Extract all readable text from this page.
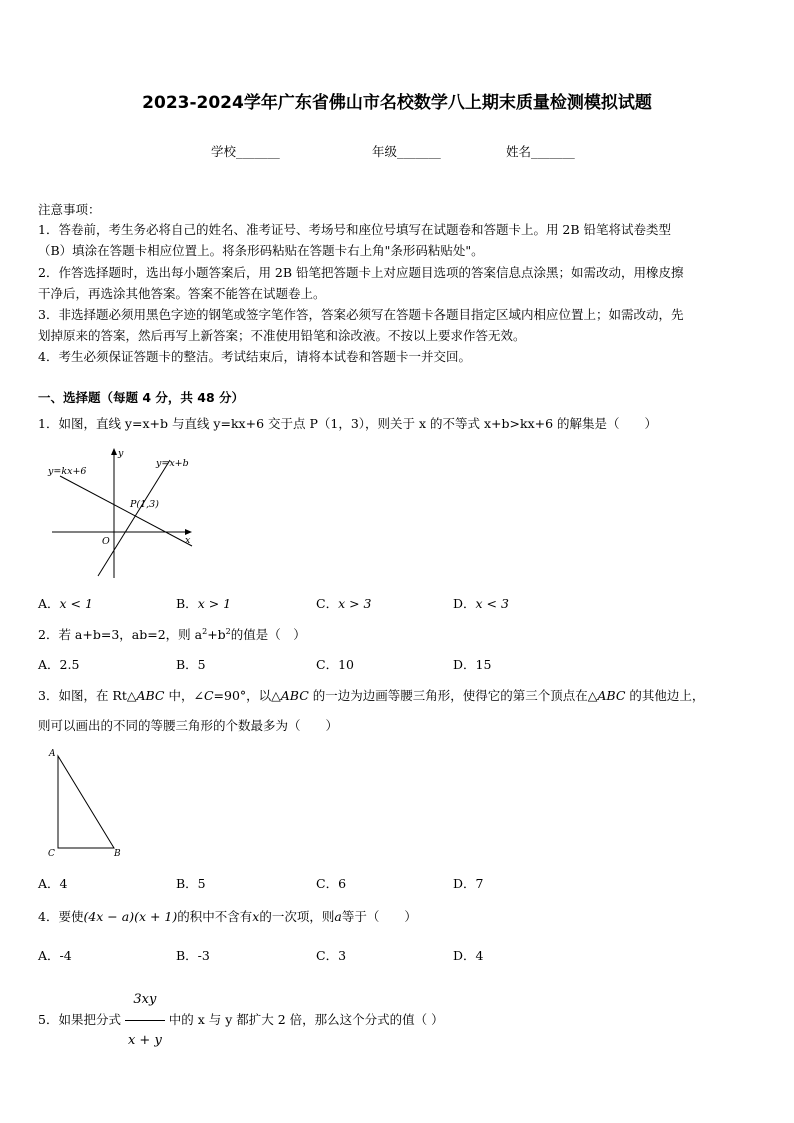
2023-2024学年广东省佛山市名校数学八上期末质量检测模拟试题
学校_______	年级_______	姓名_______
注意事项：
1．答卷前，考生务必将自己的姓名、准考证号、考场号和座位号填写在试题卷和答题卡上。用 2B 铅笔将试卷类型
（B）填涂在答题卡相应位置上。将条形码粘贴在答题卡右上角"条形码粘贴处"。
2．作答选择题时，选出每小题答案后，用 2B 铅笔把答题卡上对应题目选项的答案信息点涂黑；如需改动，用橡皮擦
干净后，再选涂其他答案。答案不能答在试题卷上。
3．非选择题必须用黑色字迹的钢笔或签字笔作答，答案必须写在答题卡各题目指定区域内相应位置上；如需改动，先
划掉原来的答案，然后再写上新答案；不准使用铅笔和涂改液。不按以上要求作答无效。
4．考生必须保证答题卡的整洁。考试结束后，请将本试卷和答题卡一并交回。
一、选择题（每题 4 分，共 48 分）
1．如图，直线 y=x+b 与直线 y=kx+6 交于点 P（1，3），则关于 x 的不等式 x+b>kx+6 的解集是（　　）
y=kx+6
y=x+b
P(1,3)
O	x
y
A．x < 1	B．x > 1	C．x > 3	D．x < 3
2．若 a+b=3，ab=2，则 $a^2+b^2$的值是（　）
A．2.5	B．5	C．10	D．15
3．如图，在 Rt△ABC 中，∠C=90°，以△ABC 的一边为边画等腰三角形，使得它的第三个顶点在△ABC 的其他边上，
则可以画出的不同的等腰三角形的个数最多为（　　）
A
C	B
A．4	B．5	C．6	D．7
4．要使(4x − a)(x + 1)的积中不含有x的一次项，则a等于（　　）
A．-4	B．-3	C．3	D．4
5．如果把分式 $\frac{3xy}{x + y}$ 中的 x 与 y 都扩大 2 倍，那么这个分式的值（ ）
